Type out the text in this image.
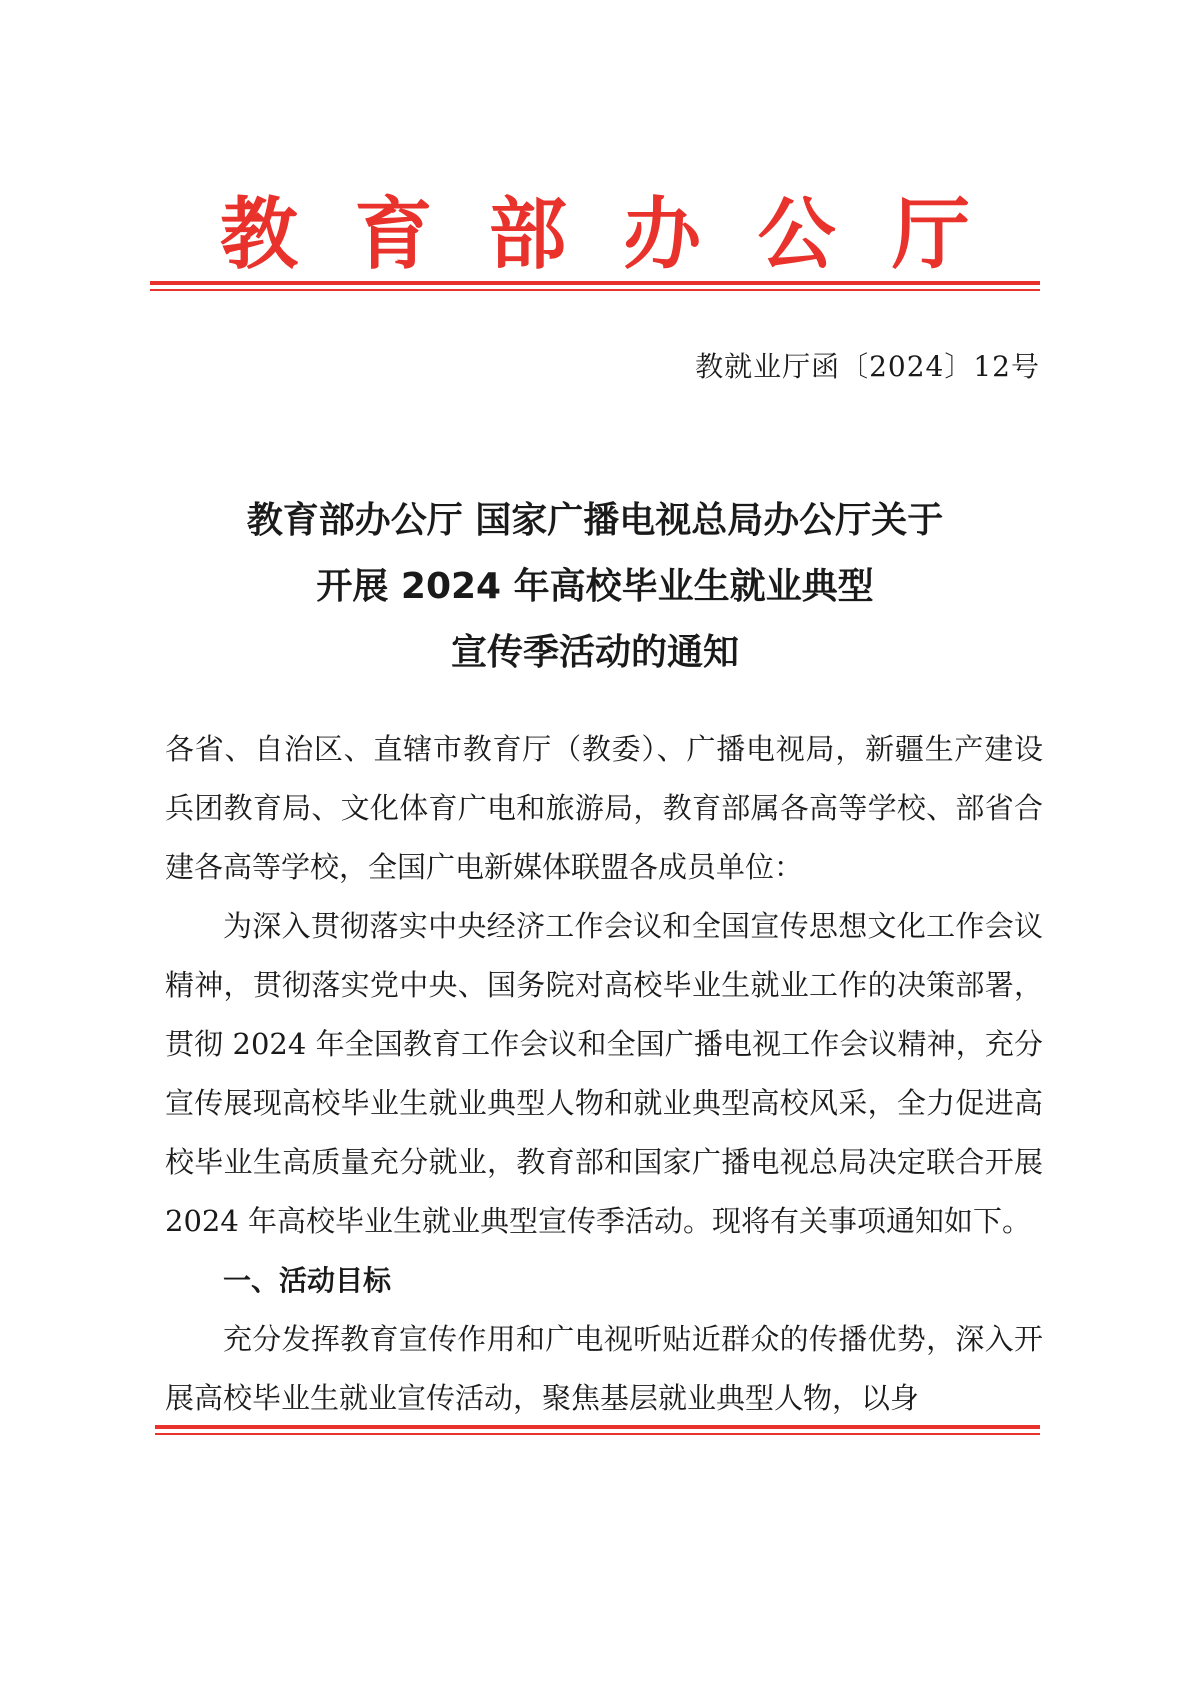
教 育 部 办 公 厅
教就业厅函〔2024〕12号
教育部办公厅 国家广播电视总局办公厅关于
开展 2024 年高校毕业生就业典型
宣传季活动的通知

各省、自治区、直辖市教育厅（教委）、广播电视局，新疆生产建设兵团教育局、文化体育广电和旅游局，教育部属各高等学校、部省合建各高等学校，全国广电新媒体联盟各成员单位：

为深入贯彻落实中央经济工作会议和全国宣传思想文化工作会议精神，贯彻落实党中央、国务院对高校毕业生就业工作的决策部署，贯彻 2024 年全国教育工作会议和全国广播电视工作会议精神，充分宣传展现高校毕业生就业典型人物和就业典型高校风采，全力促进高校毕业生高质量充分就业，教育部和国家广播电视总局决定联合开展 2024 年高校毕业生就业典型宣传季活动。现将有关事项通知如下。

一、活动目标

充分发挥教育宣传作用和广电视听贴近群众的传播优势，深入开展高校毕业生就业宣传活动，聚焦基层就业典型人物，以身
